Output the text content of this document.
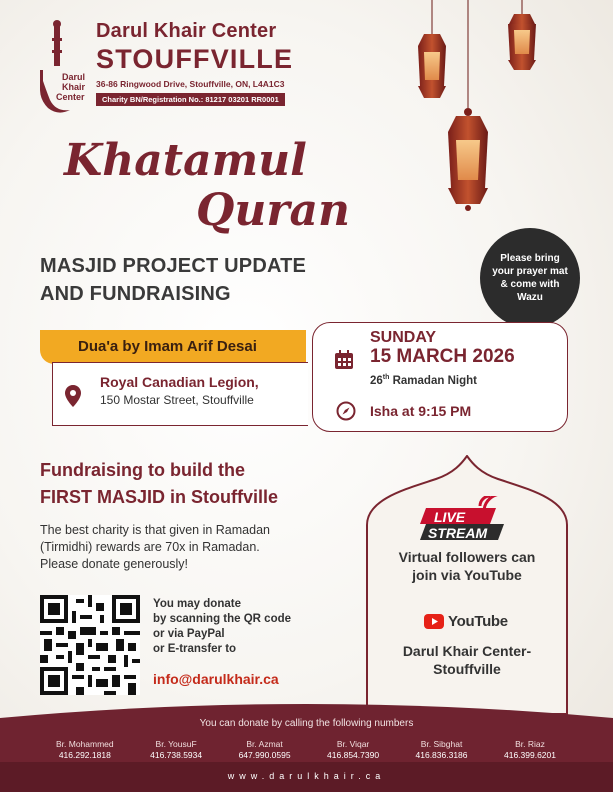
Darul
Khair
Center
Darul Khair Center
STOUFFVILLE
36-86 Ringwood Drive, Stouffville, ON, L4A1C3
Charity BN/Registration No.: 81217 03201 RR0001
Khatamul
Quran
MASJID PROJECT UPDATE
AND FUNDRAISING
Please bring your prayer mat & come with Wazu
Dua'a by Imam Arif Desai
Royal Canadian Legion,
150 Mostar Street, Stouffville
SUNDAY
15 MARCH 2026
26th Ramadan Night
Isha at 9:15 PM
Fundraising to build the
FIRST MASJID in Stouffville
The best charity is that given in Ramadan
(Tirmidhi) rewards are 70x in Ramadan.
Please donate generously!
You may donate
by scanning the QR code
or via PayPal
or E-transfer to
info@darulkhair.ca
LIVE
STREAM
Virtual followers can
join via YouTube
YouTube
Darul Khair Center-
Stouffville
You can donate by calling the following numbers
Br. Mohammed
416.292.1818
Br. YousuF
416.738.5934
Br. Azmat
647.990.0595
Br. Viqar
416.854.7390
Br. Sibghat
416.836.3186
Br. Riaz
416.399.6201
www.darulkhair.ca
